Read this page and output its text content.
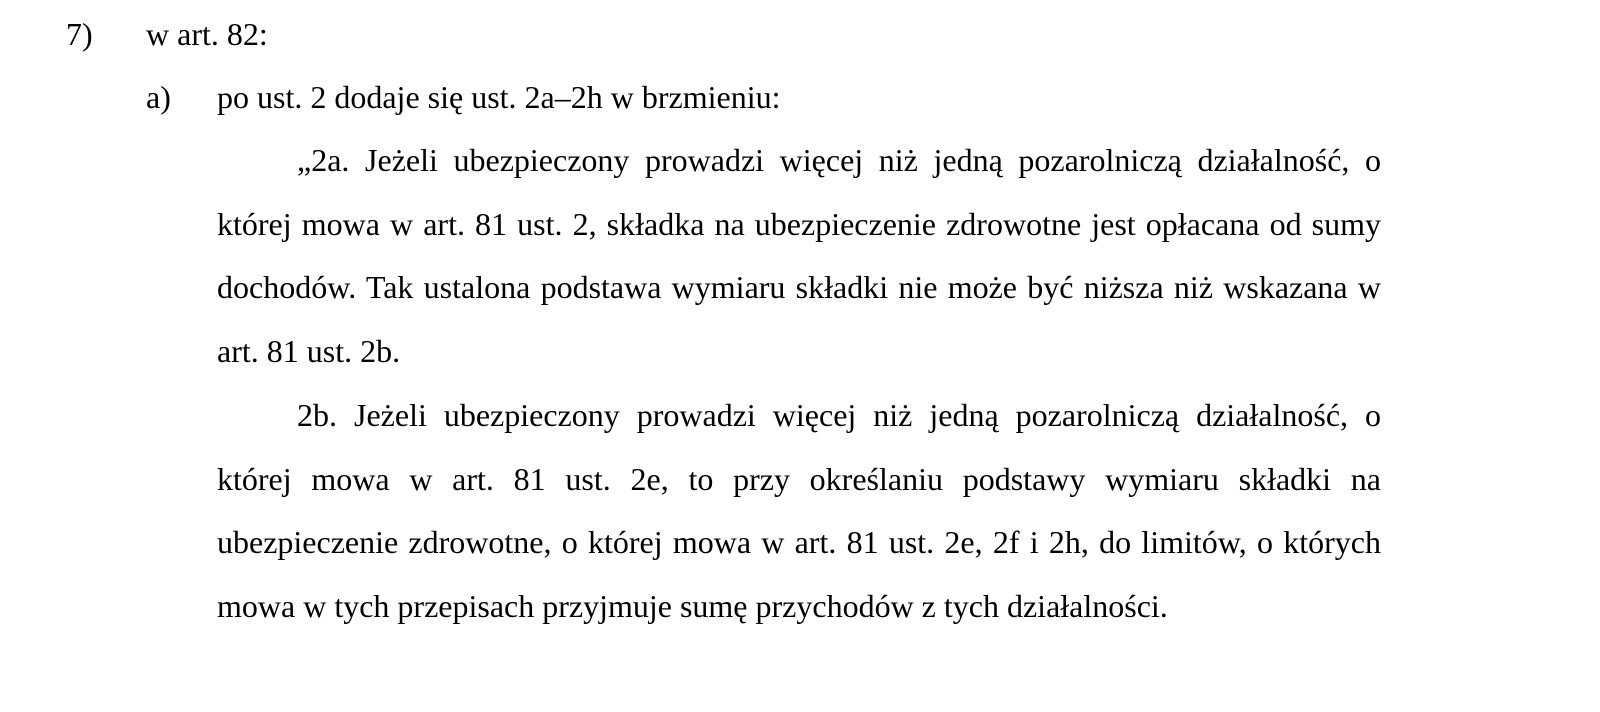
7) w art. 82:
a) po ust. 2 dodaje się ust. 2a–2h w brzmieniu:

„2a. Jeżeli ubezpieczony prowadzi więcej niż jedną pozarolniczą działalność, o której mowa w art. 81 ust. 2, składka na ubezpieczenie zdrowotne jest opłacana od sumy dochodów. Tak ustalona podstawa wymiaru składki nie może być niższa niż wskazana w art. 81 ust. 2b.

2b. Jeżeli ubezpieczony prowadzi więcej niż jedną pozarolniczą działalność, o której mowa w art. 81 ust. 2e, to przy określaniu podstawy wymiaru składki na ubezpieczenie zdrowotne, o której mowa w art. 81 ust. 2e, 2f i 2h, do limitów, o których mowa w tych przepisach przyjmuje sumę przychodów z tych działalności.
